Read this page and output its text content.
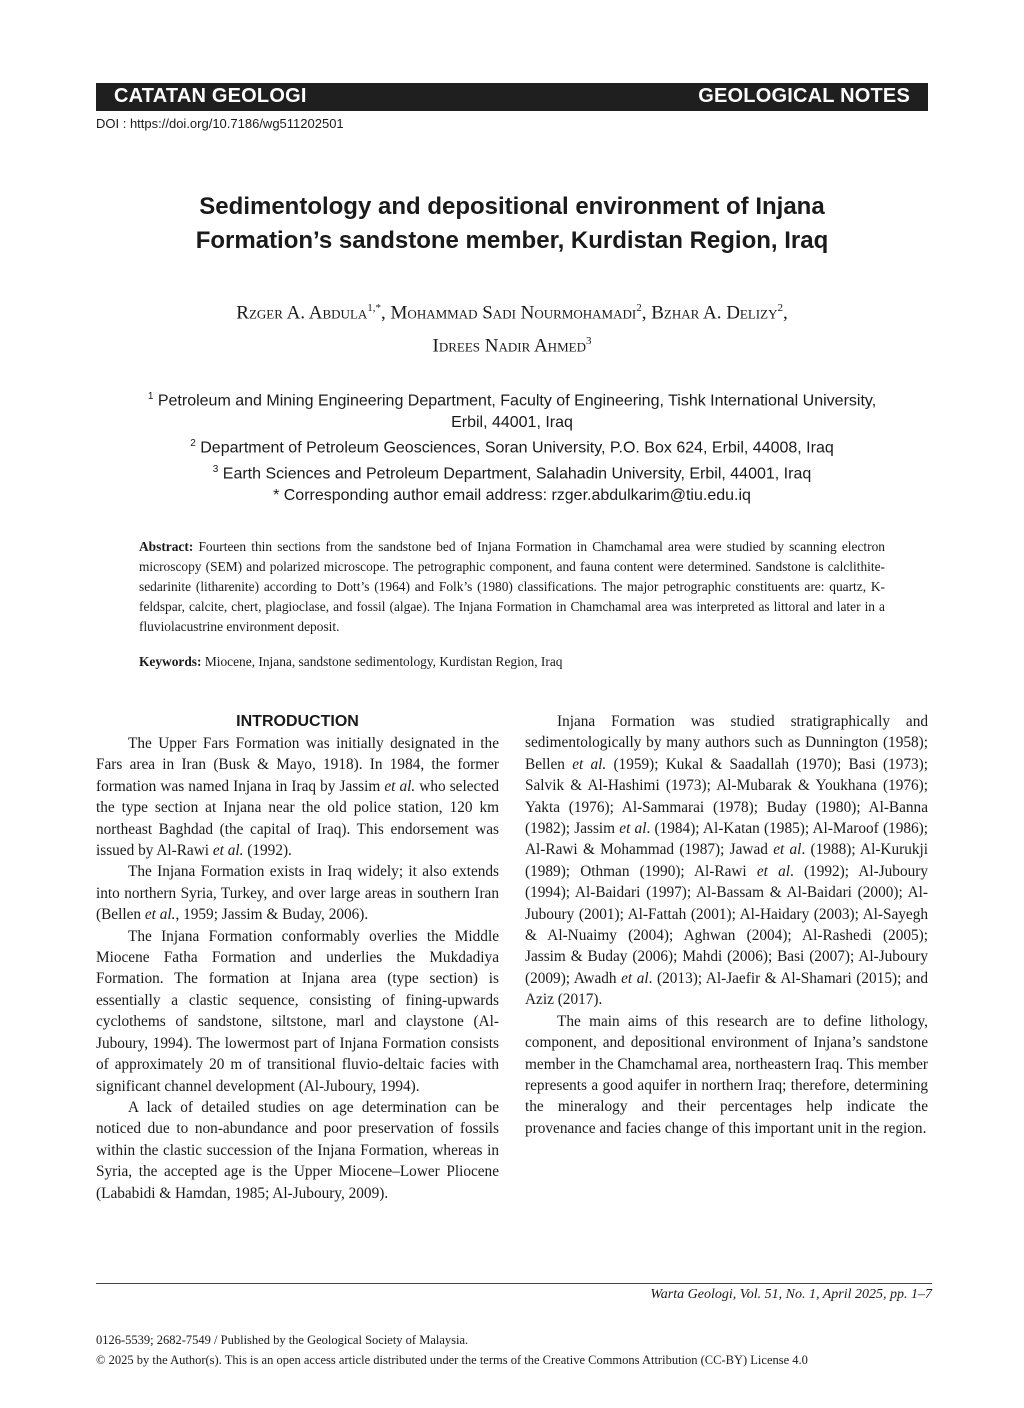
CATATAN GEOLOGI	GEOLOGICAL NOTES
DOI : https://doi.org/10.7186/wg511202501
Sedimentology and depositional environment of Injana
Formation’s sandstone member, Kurdistan Region, Iraq
Rzger A. Abdula$^{1,*}$, Mohammad Sadi Nourmohamadi$^2$, Bzhar A. Delizy$^2$,
Idrees Nadir Ahmed$^3$
$^1$ Petroleum and Mining Engineering Department, Faculty of Engineering, Tishk International University,
Erbil, 44001, Iraq
$^2$ Department of Petroleum Geosciences, Soran University, P.O. Box 624, Erbil, 44008, Iraq
$^3$ Earth Sciences and Petroleum Department, Salahadin University, Erbil, 44001, Iraq
* Corresponding author email address: rzger.abdulkarim@tiu.edu.iq
Abstract: Fourteen thin sections from the sandstone bed of Injana Formation in Chamchamal area were studied by scanning electron microscopy (SEM) and polarized microscope. The petrographic component, and fauna content were determined. Sandstone is calclithite-sedarinite (litharenite) according to Dott’s (1964) and Folk’s (1980) classifications. The major petrographic constituents are: quartz, K-feldspar, calcite, chert, plagioclase, and fossil (algae). The Injana Formation in Chamchamal area was interpreted as littoral and later in a fluviolacustrine environment deposit.
Keywords: Miocene, Injana, sandstone sedimentology, Kurdistan Region, Iraq
INTRODUCTION

The Upper Fars Formation was initially designated in the Fars area in Iran (Busk & Mayo, 1918). In 1984, the former formation was named Injana in Iraq by Jassim et al. who selected the type section at Injana near the old police station, 120 km northeast Baghdad (the capital of Iraq). This endorsement was issued by Al-Rawi et al. (1992).

The Injana Formation exists in Iraq widely; it also extends into northern Syria, Turkey, and over large areas in southern Iran (Bellen et al., 1959; Jassim & Buday, 2006).

The Injana Formation conformably overlies the Middle Miocene Fatha Formation and underlies the Mukdadiya Formation. The formation at Injana area (type section) is essentially a clastic sequence, consisting of fining-upwards cyclothems of sandstone, siltstone, marl and claystone (Al-Juboury, 1994). The lowermost part of Injana Formation consists of approximately 20 m of transitional fluvio-deltaic facies with significant channel development (Al-Juboury, 1994).

A lack of detailed studies on age determination can be noticed due to non-abundance and poor preservation of fossils within the clastic succession of the Injana Formation, whereas in Syria, the accepted age is the Upper Miocene–Lower Pliocene (Lababidi & Hamdan, 1985; Al-Juboury, 2009).

Injana Formation was studied stratigraphically and sedimentologically by many authors such as Dunnington (1958); Bellen et al. (1959); Kukal & Saadallah (1970); Basi (1973); Salvik & Al-Hashimi (1973); Al-Mubarak & Youkhana (1976); Yakta (1976); Al-Sammarai (1978); Buday (1980); Al-Banna (1982); Jassim et al. (1984); Al-Katan (1985); Al-Maroof (1986); Al-Rawi & Mohammad (1987); Jawad et al. (1988); Al-Kurukji (1989); Othman (1990); Al-Rawi et al. (1992); Al-Juboury (1994); Al-Baidari (1997); Al-Bassam & Al-Baidari (2000); Al-Juboury (2001); Al-Fattah (2001); Al-Haidary (2003); Al-Sayegh & Al-Nuaimy (2004); Aghwan (2004); Al-Rashedi (2005); Jassim & Buday (2006); Mahdi (2006); Basi (2007); Al-Juboury (2009); Awadh et al. (2013); Al-Jaefir & Al-Shamari (2015); and Aziz (2017).

The main aims of this research are to define lithology, component, and depositional environment of Injana’s sandstone member in the Chamchamal area, northeastern Iraq. This member represents a good aquifer in northern Iraq; therefore, determining the mineralogy and their percentages help indicate the provenance and facies change of this important unit in the region.

Warta Geologi, Vol. 51, No. 1, April 2025, pp. 1–7
0126-5539; 2682-7549 / Published by the Geological Society of Malaysia.
© 2025 by the Author(s). This is an open access article distributed under the terms of the Creative Commons Attribution (CC-BY) License 4.0
